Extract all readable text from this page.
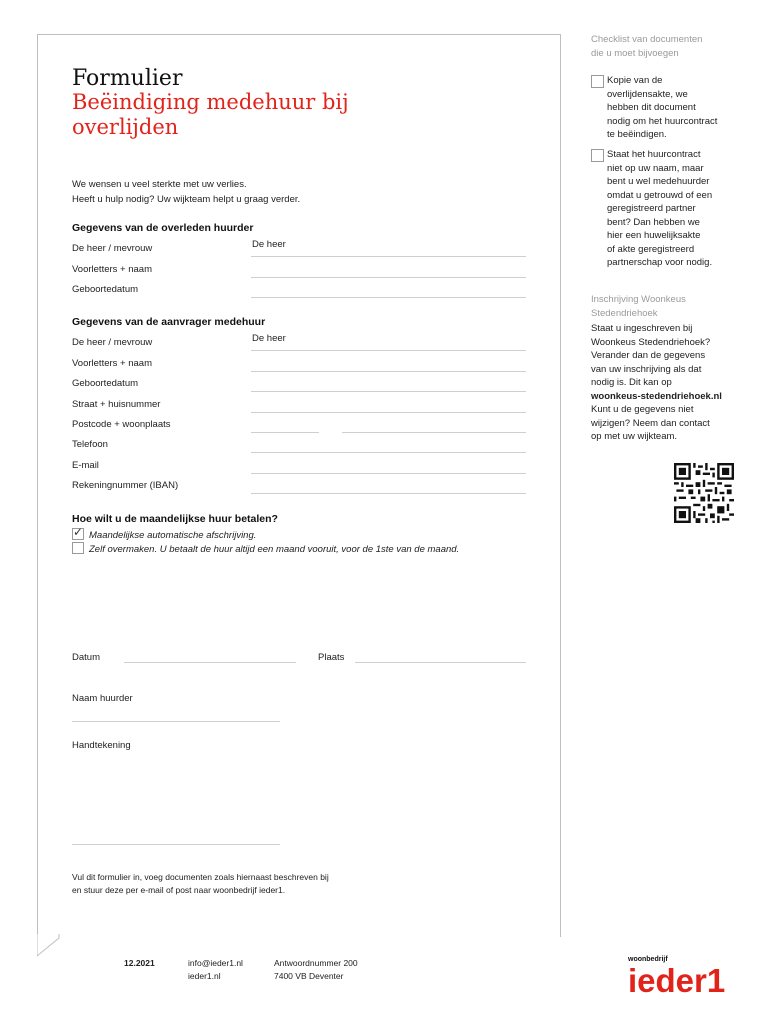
Formulier
Beëindiging medehuur bij overlijden
We wensen u veel sterkte met uw verlies.
Heeft u hulp nodig? Uw wijkteam helpt u graag verder.
Gegevens van de overleden huurder
De heer / mevrouw	De heer
Voorletters + naam
Geboortedatum
Gegevens van de aanvrager medehuur
De heer / mevrouw	De heer
Voorletters + naam
Geboortedatum
Straat + huisnummer
Postcode + woonplaats
Telefoon
E-mail
Rekeningnummer (IBAN)
Hoe wilt u de maandelijkse huur betalen?
✓ Maandelijkse automatische afschrijving.
Zelf overmaken. U betaalt de huur altijd een maand vooruit, voor de 1ste van de maand.
Datum	Plaats
Naam huurder
Handtekening
Vul dit formulier in, voeg documenten zoals hiernaast beschreven bij
en stuur deze per e-mail of post naar woonbedrijf ieder1.
12.2021	info@ieder1.nl
ieder1.nl
Antwoordnummer 200
7400 VB Deventer
woonbedrijf
ieder1
Checklist van documenten
die u moet bijvoegen
Kopie van de
overlijdensakte, we
hebben dit document
nodig om het huurcontract
te beëindigen.
Staat het huurcontract
niet op uw naam, maar
bent u wel medehuurder
omdat u getrouwd of een
geregistreerd partner
bent? Dan hebben we
hier een huwelijksakte
of akte geregistreerd
partnerschap voor nodig.
Inschrijving Woonkeus
Stedendriehoek
Staat u ingeschreven bij
Woonkeus Stedendriehoek?
Verander dan de gegevens
van uw inschrijving als dat
nodig is. Dit kan op
woonkeus-stedendriehoek.nl
Kunt u de gegevens niet
wijzigen? Neem dan contact
op met uw wijkteam.
